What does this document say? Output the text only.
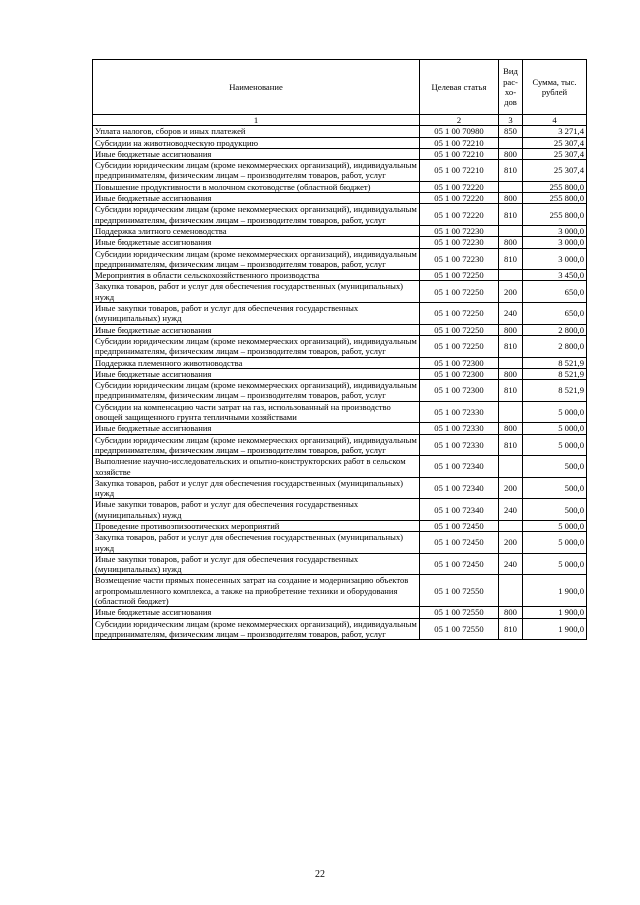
Наименование	Целевая статья	Вид рас-хо-дов	Сумма, тыс. рублей
1	2	3	4
Уплата налогов, сборов и иных платежей	05 1 00 70980	850	3 271,4
Субсидии на животноводческую продукцию	05 1 00 72210		25 307,4
Иные бюджетные ассигнования	05 1 00 72210	800	25 307,4
Субсидии юридическим лицам (кроме некоммерческих организаций), индивидуальным предпринимателям, физическим лицам – производителям товаров, работ, услуг	05 1 00 72210	810	25 307,4
Повышение продуктивности в молочном скотоводстве (областной бюджет)	05 1 00 72220		255 800,0
Иные бюджетные ассигнования	05 1 00 72220	800	255 800,0
Субсидии юридическим лицам (кроме некоммерческих организаций), индивидуальным предпринимателям, физическим лицам – производителям товаров, работ, услуг	05 1 00 72220	810	255 800,0
Поддержка элитного семеноводства	05 1 00 72230		3 000,0
Иные бюджетные ассигнования	05 1 00 72230	800	3 000,0
Субсидии юридическим лицам (кроме некоммерческих организаций), индивидуальным предпринимателям, физическим лицам – производителям товаров, работ, услуг	05 1 00 72230	810	3 000,0
Мероприятия в области сельскохозяйственного производства	05 1 00 72250		3 450,0
Закупка товаров, работ и услуг для обеспечения государственных (муниципальных) нужд	05 1 00 72250	200	650,0
Иные закупки товаров, работ и услуг для обеспечения государственных (муниципальных) нужд	05 1 00 72250	240	650,0
Иные бюджетные ассигнования	05 1 00 72250	800	2 800,0
Субсидии юридическим лицам (кроме некоммерческих организаций), индивидуальным предпринимателям, физическим лицам – производителям товаров, работ, услуг	05 1 00 72250	810	2 800,0
Поддержка племенного животноводства	05 1 00 72300		8 521,9
Иные бюджетные ассигнования	05 1 00 72300	800	8 521,9
Субсидии юридическим лицам (кроме некоммерческих организаций), индивидуальным предпринимателям, физическим лицам – производителям товаров, работ, услуг	05 1 00 72300	810	8 521,9
Субсидии на компенсацию части затрат на газ, использованный на производство овощей защищенного грунта тепличными хозяйствами	05 1 00 72330		5 000,0
Иные бюджетные ассигнования	05 1 00 72330	800	5 000,0
Субсидии юридическим лицам (кроме некоммерческих организаций), индивидуальным предпринимателям, физическим лицам – производителям товаров, работ, услуг	05 1 00 72330	810	5 000,0
Выполнение научно-исследовательских и опытно-конструкторских работ в сельском хозяйстве	05 1 00 72340		500,0
Закупка товаров, работ и услуг для обеспечения государственных (муниципальных) нужд	05 1 00 72340	200	500,0
Иные закупки товаров, работ и услуг для обеспечения государственных (муниципальных) нужд	05 1 00 72340	240	500,0
Проведение противоэпизоотических мероприятий	05 1 00 72450		5 000,0
Закупка товаров, работ и услуг для обеспечения государственных (муниципальных) нужд	05 1 00 72450	200	5 000,0
Иные закупки товаров, работ и услуг для обеспечения государственных (муниципальных) нужд	05 1 00 72450	240	5 000,0
Возмещение части прямых понесенных затрат на создание и модернизацию объектов агропромышленного комплекса, а также на приобретение техники и оборудования (областной бюджет)	05 1 00 72550		1 900,0
Иные бюджетные ассигнования	05 1 00 72550	800	1 900,0
Субсидии юридическим лицам (кроме некоммерческих организаций), индивидуальным предпринимателям, физическим лицам – производителям товаров, работ, услуг	05 1 00 72550	810	1 900,0
22
